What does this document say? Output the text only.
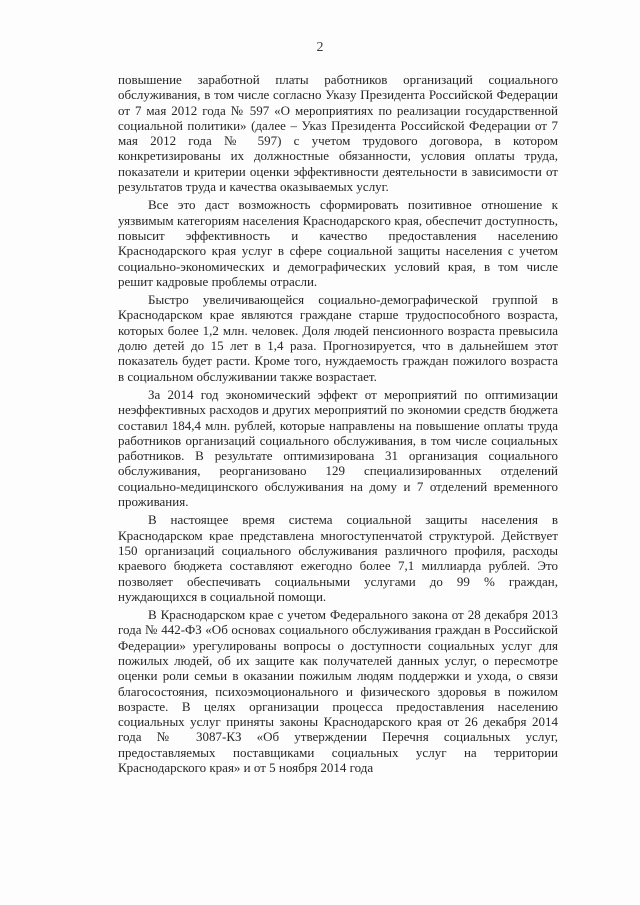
2

повышение заработной платы работников организаций социального обслуживания, в том числе согласно Указу Президента Российской Федерации от 7 мая 2012 года № 597 «О мероприятиях по реализации государственной социальной политики» (далее – Указ Президента Российской Федерации от 7 мая 2012 года № 597) с учетом трудового договора, в котором конкретизированы их должностные обязанности, условия оплаты труда, показатели и критерии оценки эффективности деятельности в зависимости от результатов труда и качества оказываемых услуг.

Все это даст возможность сформировать позитивное отношение к уязвимым категориям населения Краснодарского края, обеспечит доступность, повысит эффективность и качество предоставления населению Краснодарского края услуг в сфере социальной защиты населения с учетом социально-экономических и демографических условий края, в том числе решит кадровые проблемы отрасли.

Быстро увеличивающейся социально-демографической группой в Краснодарском крае являются граждане старше трудоспособного возраста, которых более 1,2 млн. человек. Доля людей пенсионного возраста превысила долю детей до 15 лет в 1,4 раза. Прогнозируется, что в дальнейшем этот показатель будет расти. Кроме того, нуждаемость граждан пожилого возраста в социальном обслуживании также возрастает.

За 2014 год экономический эффект от мероприятий по оптимизации неэффективных расходов и других мероприятий по экономии средств бюджета составил 184,4 млн. рублей, которые направлены на повышение оплаты труда работников организаций социального обслуживания, в том числе социальных работников. В результате оптимизирована 31 организация социального обслуживания, реорганизовано 129 специализированных отделений социально-медицинского обслуживания на дому и 7 отделений временного проживания.

В настоящее время система социальной защиты населения в Краснодарском крае представлена многоступенчатой структурой. Действует 150 организаций социального обслуживания различного профиля, расходы краевого бюджета составляют ежегодно более 7,1 миллиарда рублей. Это позволяет обеспечивать социальными услугами до 99 % граждан, нуждающихся в социальной помощи.

В Краснодарском крае с учетом Федерального закона от 28 декабря 2013 года № 442-ФЗ «Об основах социального обслуживания граждан в Российской Федерации» урегулированы вопросы о доступности социальных услуг для пожилых людей, об их защите как получателей данных услуг, о пересмотре оценки роли семьи в оказании пожилым людям поддержки и ухода, о связи благосостояния, психоэмоционального и физического здоровья в пожилом возрасте. В целях организации процесса предоставления населению социальных услуг приняты законы Краснодарского края от 26 декабря 2014 года № 3087-КЗ «Об утверждении Перечня социальных услуг, предоставляемых поставщиками социальных услуг на территории Краснодарского края» и от 5 ноября 2014 года
